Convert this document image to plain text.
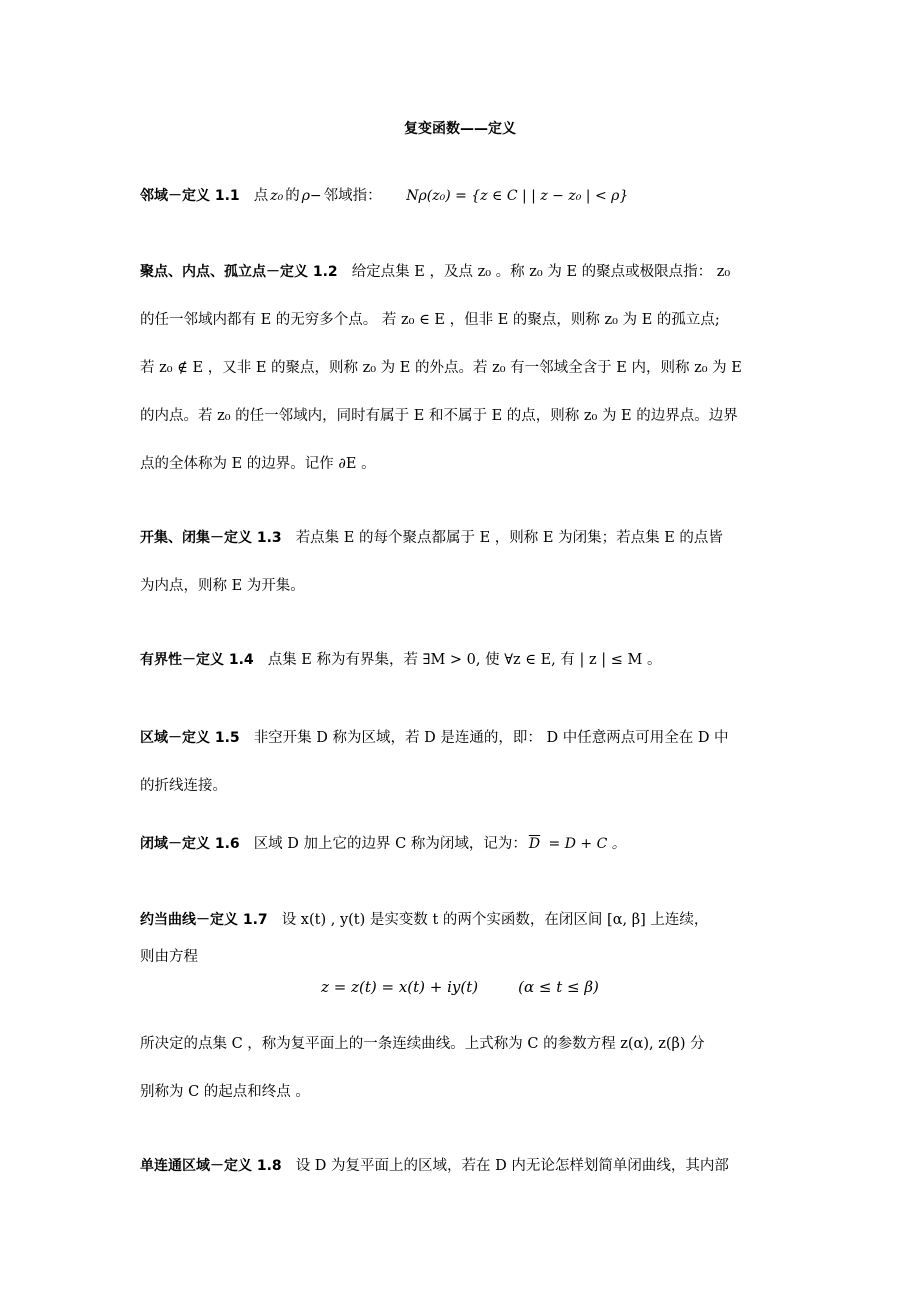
复变函数——定义
邻域－定义 1.1 点 z₀ 的 ρ− 邻域指： Nρ(z₀) = {z ∈ C | | z − z₀ | < ρ}
聚点、内点、孤立点－定义 1.2 给定点集 E ，及点 z₀ 。称 z₀ 为 E 的聚点或极限点指： z₀
的任一邻域内都有 E 的无穷多个点。 若 z₀ ∈ E ，但非 E 的聚点，则称 z₀ 为 E 的孤立点;
若 z₀ ∉ E ，又非 E 的聚点，则称 z₀ 为 E 的外点。若 z₀ 有一邻域全含于 E 内，则称 z₀ 为 E
的内点。若 z₀ 的任一邻域内，同时有属于 E 和不属于 E 的点，则称 z₀ 为 E 的边界点。边界
点的全体称为 E 的边界。记作 ∂E 。
开集、闭集－定义 1.3 若点集 E 的每个聚点都属于 E ，则称 E 为闭集；若点集 E 的点皆
为内点，则称 E 为开集。
有界性－定义 1.4 点集 E 称为有界集，若 ∃M > 0, 使 ∀z ∈ E, 有 | z | ≤ M 。
区域－定义 1.5 非空开集 D 称为区域，若 D 是连通的，即： D 中任意两点可用全在 D 中
的折线连接。
闭域－定义 1.6 区域 D 加上它的边界 C 称为闭域，记为： $\overline{D} = D + C$ 。
约当曲线－定义 1.7 设 x(t) , y(t) 是实变数 t 的两个实函数，在闭区间 [α, β] 上连续，
则由方程
z = z(t) = x(t) + iy(t)	(α ≤ t ≤ β)
所决定的点集 C ，称为复平面上的一条连续曲线。上式称为 C 的参数方程 z(α), z(β) 分
别称为 C 的起点和终点 。
单连通区域－定义 1.8 设 D 为复平面上的区域，若在 D 内无论怎样划简单闭曲线，其内部
